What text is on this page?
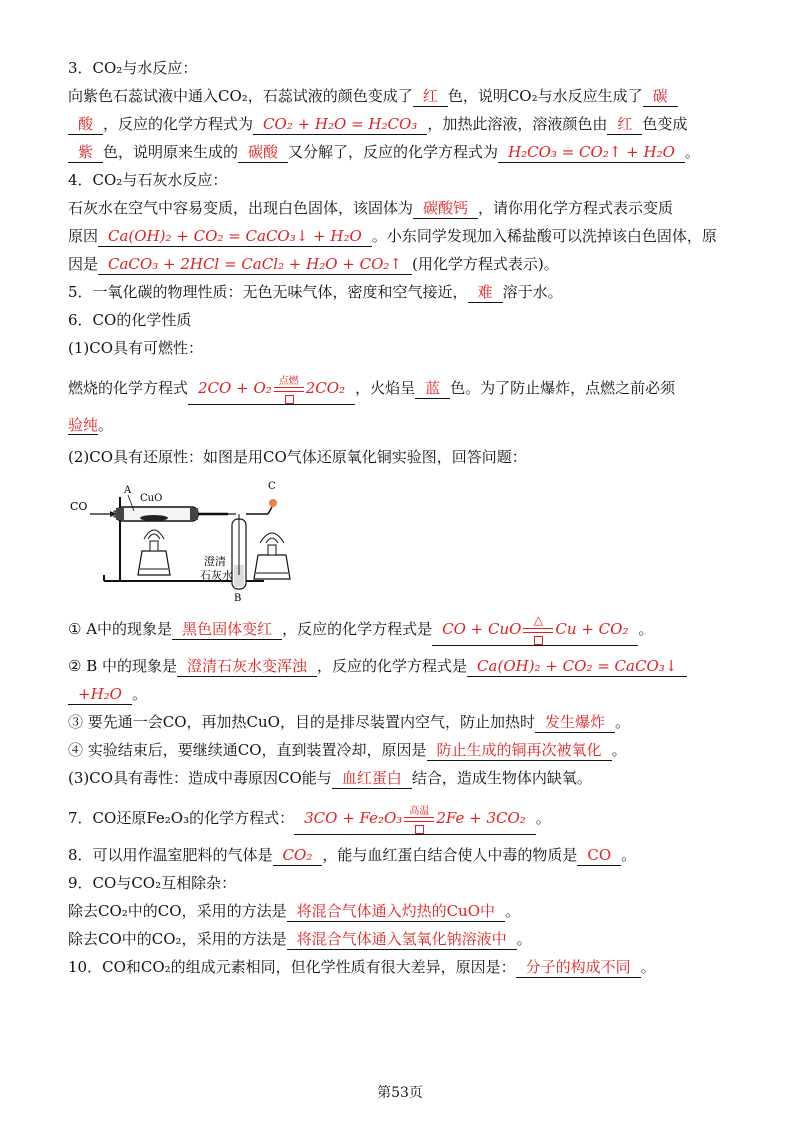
3．CO₂与水反应：

向紫色石蕊试液中通入CO₂，石蕊试液的颜色变成了 红 色，说明CO₂与水反应生成了 碳

酸 ，反应的化学方程式为 CO₂ + H₂O = H₂CO₃ ，加热此溶液，溶液颜色由 红 色变成

紫 色，说明原来生成的 碳酸 又分解了，反应的化学方程式为 H₂CO₃ = CO₂↑ + H₂O 。

4．CO₂与石灰水反应：

石灰水在空气中容易变质，出现白色固体，该固体为 碳酸钙 ，请你用化学方程式表示变质

原因 Ca(OH)₂ + CO₂ = CaCO₃↓ + H₂O 。小东同学发现加入稀盐酸可以洗掉该白色固体，原

因是 CaCO₃ + 2HCl = CaCl₂ + H₂O + CO₂↑ (用化学方程式表示)。

5．一氧化碳的物理性质：无色无味气体，密度和空气接近， 难 溶于水。

6．CO的化学性质

(1)CO具有可燃性：

燃烧的化学方程式 2CO + O₂ 点燃 2CO₂ ，火焰呈 蓝 色。为了防止爆炸，点燃之前必须

验纯。

(2)CO具有还原性：如图是用CO气体还原氧化铜实验图，回答问题：

CO
A
CuO
C
澄清
石灰水
B

① A中的现象是 黑色固体变红 ，反应的化学方程式是 CO + CuO	△ Cu + CO₂ 。

② B 中的现象是 澄清石灰水变浑浊 ，反应的化学方程式是 Ca(OH)₂ + CO₂ = CaCO₃↓

+H₂O 。

③ 要先通一会CO，再加热CuO，目的是排尽装置内空气，防止加热时 发生爆炸 。

④ 实验结束后，要继续通CO，直到装置冷却，原因是 防止生成的铜再次被氧化 。

(3)CO具有毒性：造成中毒原因CO能与 血红蛋白 结合，造成生物体内缺氧。

7．CO还原Fe₂O₃的化学方程式： 3CO + Fe₂O₃ 高温 2Fe + 3CO₂ 。

8．可以用作温室肥料的气体是 CO₂ ，能与血红蛋白结合使人中毒的物质是 CO 。

9．CO与CO₂互相除杂：

除去CO₂中的CO，采用的方法是 将混合气体通入灼热的CuO中 。

除去CO中的CO₂，采用的方法是 将混合气体通入氢氧化钠溶液中 。

10．CO和CO₂的组成元素相同，但化学性质有很大差异，原因是： 分子的构成不同 。

第53页
